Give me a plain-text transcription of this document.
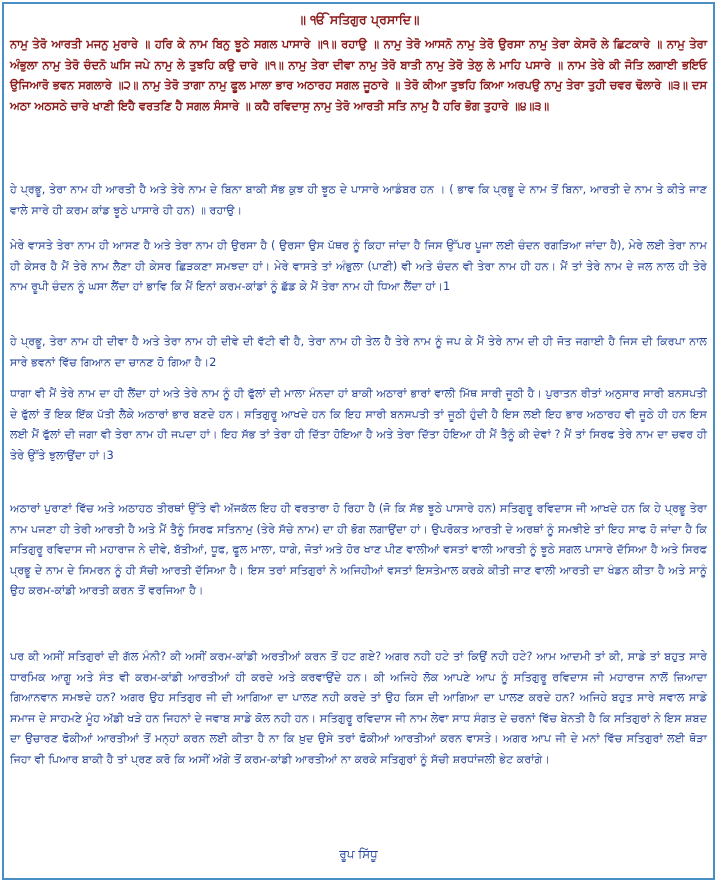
॥ ੴ ਸਤਿਗੁਰ ਪ੍ਰਸਾਦਿ॥

ਨਾਮੁ ਤੇਰੋ ਆਰਤੀ ਮਜਨੁ ਮੁਰਾਰੇ ॥ ਹਰਿ ਕੇ ਨਾਮ ਬਿਨੁ ਝੂਠੇ ਸਗਲ ਪਾਸਾਰੇ ॥੧॥ ਰਹਾਉ ॥ ਨਾਮੁ ਤੇਰੋ ਆਸਨੋ ਨਾਮੁ ਤੇਰੋ ਉਰਸਾ ਨਾਮੁ ਤੇਰਾ ਕੇਸਰੋ ਲੇ ਛਿਟਕਾਰੇ ॥ ਨਾਮੁ ਤੇਰਾ ਅੰਭੁਲਾ ਨਾਮੁ ਤੇਰੋ ਚੰਦਨੋ ਘਸਿ ਜਪੇ ਨਾਮੁ ਲੇ ਤੁਝਹਿ ਕਉ ਚਾਰੇ ॥੧॥ ਨਾਮੁ ਤੇਰਾ ਦੀਵਾ ਨਾਮੁ ਤੇਰੋ ਬਾਤੀ ਨਾਮੁ ਤੇਰੋ ਤੇਲੁ ਲੇ ਮਾਹਿ ਪਸਾਰੇ ॥ ਨਾਮ ਤੇਰੇ ਕੀ ਜੋਤਿ ਲਗਾਈ ਭਇਓ ਉਜਿਆਰੋ ਭਵਨ ਸਗਲਾਰੇ ॥੨॥ ਨਾਮੁ ਤੇਰੋ ਤਾਗਾ ਨਾਮੁ ਫੂਲ ਮਾਲਾ ਭਾਰ ਅਠਾਰਹ ਸਗਲ ਜੂਠਾਰੇ ॥ ਤੇਰੋ ਕੀਆ ਤੁਝਹਿ ਕਿਆ ਅਰਪਉ ਨਾਮੁ ਤੇਰਾ ਤੁਹੀ ਚਵਰ ਢੋਲਾਰੇ ॥੩॥ ਦਸ ਅਠਾ ਅਠਸਠੇ ਚਾਰੇ ਖਾਣੀ ਇਹੈ ਵਰਤਣਿ ਹੈ ਸਗਲ ਸੰਸਾਰੇ ॥ ਕਹੈ ਰਵਿਦਾਸੁ ਨਾਮੁ ਤੇਰੋ ਆਰਤੀ ਸਤਿ ਨਾਮੁ ਹੈ ਹਰਿ ਭੋਗ ਤੁਹਾਰੇ ॥੪॥੩॥

ਹੇ ਪ੍ਰਭੂ, ਤੇਰਾ ਨਾਮ ਹੀ ਆਰਤੀ ਹੈ ਅਤੇ ਤੇਰੇ ਨਾਮ ਦੇ ਬਿਨਾ ਬਾਕੀ ਸੱਭ ਕੁਝ ਹੀ ਝੂਠ ਦੇ ਪਾਸਾਰੇ ਆਡੰਬਰ ਹਨ । ( ਭਾਵ ਕਿ ਪ੍ਰਭੂ ਦੇ ਨਾਮ ਤੋਂ ਬਿਨਾ, ਆਰਤੀ ਦੇ ਨਾਮ ਤੇ ਕੀਤੇ ਜਾਣ ਵਾਲੇ ਸਾਰੇ ਹੀ ਕਰਮ ਕਾਂਡ ਝੂਠੇ ਪਾਸਾਰੇ ਹੀ ਹਨ) ॥ ਰਹਾਉ।

ਮੇਰੇ ਵਾਸਤੇ ਤੇਰਾ ਨਾਮ ਹੀ ਆਸਣ ਹੈ ਅਤੇ ਤੇਰਾ ਨਾਮ ਹੀ ਉਰਸਾ ਹੈ ( ਉਰਸਾ ਉਸ ਪੱਥਰ ਨੂੰ ਕਿਹਾ ਜਾਂਦਾ ਹੈ ਜਿਸ ਉੱਪਰ ਪੂਜਾ ਲਈ ਚੰਦਨ ਰਗੜਿਆ ਜਾਂਦਾ ਹੈ), ਮੇਰੇ ਲਈ ਤੇਰਾ ਨਾਮ ਹੀ ਕੇਸਰ ਹੈ ਮੈਂ ਤੇਰੇ ਨਾਮ ਲੈਣਾ ਹੀ ਕੇਸਰ ਛਿੜਕਣਾ ਸਮਝਦਾ ਹਾਂ। ਮੇਰੇ ਵਾਸਤੇ ਤਾਂ ਅੰਭੁਲਾ (ਪਾਣੀ) ਵੀ ਅਤੇ ਚੰਦਨ ਵੀ ਤੇਰਾ ਨਾਮ ਹੀ ਹਨ। ਮੈਂ ਤਾਂ ਤੇਰੇ ਨਾਮ ਦੇ ਜਲ ਨਾਲ ਹੀ ਤੇਰੇ ਨਾਮ ਰੂਪੀ ਚੰਦਨ ਨੂੰ ਘਸਾ ਲੈਂਦਾ ਹਾਂ ਭਾਵਿ ਕਿ ਮੈਂ ਇਨਾਂ ਕਰਮ-ਕਾਂਡਾਂ ਨੂੰ ਛੱਡ ਕੇ ਮੈਂ ਤੇਰਾ ਨਾਮ ਹੀ ਧਿਆ ਲੈਂਦਾ ਹਾਂ।1

ਹੇ ਪ੍ਰਭੂ, ਤੇਰਾ ਨਾਮ ਹੀ ਦੀਵਾ ਹੈ ਅਤੇ ਤੇਰਾ ਨਾਮ ਹੀ ਦੀਵੇ ਦੀ ਵੱਟੀ ਵੀ ਹੈ, ਤੇਰਾ ਨਾਮ ਹੀ ਤੇਲ ਹੈ ਤੇਰੇ ਨਾਮ ਨੂੰ ਜਪ ਕੇ ਮੈਂ ਤੇਰੇ ਨਾਮ ਦੀ ਹੀ ਜੋਤ ਜਗਾਈ ਹੈ ਜਿਸ ਦੀ ਕਿਰਪਾ ਨਾਲ ਸਾਰੇ ਭਵਨਾਂ ਵਿੱਚ ਗਿਆਨ ਦਾ ਚਾਨਣ ਹੋ ਗਿਆ ਹੈ।2

ਧਾਗਾ ਵੀ ਮੈਂ ਤੇਰੇ ਨਾਮ ਦਾ ਹੀ ਲੈਂਦਾ ਹਾਂ ਅਤੇ ਤੇਰੇ ਨਾਮ ਨੂੰ ਹੀ ਫੁੱਲਾਂ ਦੀ ਮਾਲਾ ਮੰਨਦਾ ਹਾਂ ਬਾਕੀ ਅਠਾਰਾਂ ਭਾਰਾਂ ਵਾਲੀ ਮਿੱਥ ਸਾਰੀ ਜੂਠੀ ਹੈ। ਪੁਰਾਤਨ ਰੀਤਾਂ ਅਨੁਸਾਰ ਸਾਰੀ ਬਨਸਪਤੀ ਦੇ ਫੁੱਲਾਂ ਤੋਂ ਇਕ ਇੱਕ ਪੱਤੀ ਲੈਕੇ ਅਠਾਰਾਂ ਭਾਰ ਬਣਦੇ ਹਨ। ਸਤਿਗੁਰੂ ਆਖਦੇ ਹਨ ਕਿ ਇਹ ਸਾਰੀ ਬਨਸਪਤੀ ਤਾਂ ਜੂਠੀ ਹੁੰਦੀ ਹੈ ਇਸ ਲਈ ਇਹ ਭਾਰ ਅਠਾਰਹ ਵੀ ਜੂਠੇ ਹੀ ਹਨ ਇਸ ਲਈ ਮੈਂ ਫੁੱਲਾਂ ਦੀ ਜਗਾ ਵੀ ਤੇਰਾ ਨਾਮ ਹੀ ਜਪਦਾ ਹਾਂ। ਇਹ ਸੱਭ ਤਾਂ ਤੇਰਾ ਹੀ ਦਿੱਤਾ ਹੋਇਆ ਹੈ ਅਤੇ ਤੇਰਾ ਦਿੱਤਾ ਹੋਇਆ ਹੀ ਮੈਂ ਤੈਨੂੰ ਕੀ ਦੇਵਾਂ ? ਮੈਂ ਤਾਂ ਸਿਰਫ ਤੇਰੇ ਨਾਮ ਦਾ ਚਵਰ ਹੀ ਤੇਰੇ ਉੱਤੇ ਝੁਲਾਉਂਦਾ ਹਾਂ।3

ਅਠਾਰਾਂ ਪੁਰਾਣਾਂ ਵਿੱਚ ਅਤੇ ਅਠਾਹਠ ਤੀਰਥਾਂ ਉੱਤੇ ਵੀ ਅੱਜਕੱਲ ਇਹ ਹੀ ਵਰਤਾਰਾ ਹੋ ਰਿਹਾ ਹੈ (ਜੋ ਕਿ ਸੱਭ ਝੂਠੇ ਪਾਸਾਰੇ ਹਨ) ਸਤਿਗੁਰੂ ਰਵਿਦਾਸ ਜੀ ਆਖਦੇ ਹਨ ਕਿ ਹੇ ਪ੍ਰਭੂ ਤੇਰਾ ਨਾਮ ਪਜਣਾ ਹੀ ਤੇਰੀ ਆਰਤੀ ਹੈ ਅਤੇ ਮੈਂ ਤੈਨੂੰ ਸਿਰਫ ਸਤਿਨਾਮੁ (ਤੇਰੇ ਸੱਚੇ ਨਾਮ) ਦਾ ਹੀ ਭੋਗ ਲਗਾਉਂਦਾ ਹਾਂ। ਉਪਰੋਕਤ ਆਰਤੀ ਦੇ ਅਰਥਾਂ ਨੂੰ ਸਮਝੀਏ ਤਾਂ ਇਹ ਸਾਫ ਹੋ ਜਾਂਦਾ ਹੈ ਕਿ ਸਤਿਗੁਰੂ ਰਵਿਦਾਸ ਜੀ ਮਹਾਰਾਜ ਨੇ ਦੀਵੇ, ਬੱਤੀਆਂ, ਧੂਫ, ਫੂਲ ਮਾਲਾ, ਧਾਗੇ, ਜੋਤਾਂ ਅਤੇ ਹੋਰ ਖਾਣ ਪੀਣ ਵਾਲੀਆਂ ਵਸਤਾਂ ਵਾਲੀ ਆਰਤੀ ਨੂੰ ਝੂਠੇ ਸਗਲ ਪਾਸਾਰੇ ਦੱਸਿਆ ਹੈ ਅਤੇ ਸਿਰਫ ਪ੍ਰਭੂ ਦੇ ਨਾਮ ਦੇ ਸਿਮਰਨ ਨੂੰ ਹੀ ਸੱਚੀ ਆਰਤੀ ਦੱਸਿਆ ਹੈ। ਇਸ ਤਰਾਂ ਸਤਿਗੁਰਾਂ ਨੇ ਅਜਿਹੀਆਂ ਵਸਤਾਂ ਇਸਤੇਮਾਲ ਕਰਕੇ ਕੀਤੀ ਜਾਣ ਵਾਲੀ ਆਰਤੀ ਦਾ ਖੰਡਨ ਕੀਤਾ ਹੈ ਅਤੇ ਸਾਨੂੰ ਉਹ ਕਰਮ-ਕਾਂਡੀ ਆਰਤੀ ਕਰਨ ਤੋਂ ਵਰਜਿਆ ਹੈ।

ਪਰ ਕੀ ਅਸੀਂ ਸਤਿਗੁਰਾਂ ਦੀ ਗੱਲ ਮੰਨੀ? ਕੀ ਅਸੀਂ ਕਰਮ-ਕਾਂਡੀ ਅਰਤੀਆਂ ਕਰਨ ਤੋਂ ਹਟ ਗਏ? ਅਗਰ ਨਹੀ ਹਟੇ ਤਾਂ ਕਿਉਂ ਨਹੀ ਹਟੇ? ਆਮ ਆਦਮੀ ਤਾਂ ਕੀ, ਸਾਡੇ ਤਾਂ ਬਹੁਤ ਸਾਰੇ ਧਾਰਮਿਕ ਆਗੂ ਅਤੇ ਸੰਤ ਵੀ ਕਰਮ-ਕਾਂਡੀ ਆਰਤੀਆਂ ਹੀ ਕਰਦੇ ਅਤੇ ਕਰਵਾਉਂਦੇ ਹਨ। ਕੀ ਅਜਿਹੇ ਲੋਕ ਆਪਣੇ ਆਪ ਨੂੰ ਸਤਿਗੁਰੂ ਰਵਿਦਾਸ ਜੀ ਮਹਾਰਾਜ ਨਾਲੋਂ ਜ਼ਿਆਦਾ ਗਿਆਨਵਾਨ ਸਮਝਦੇ ਹਨ? ਅਗਰ ਉਹ ਸਤਿਗੁਰ ਜੀ ਦੀ ਆਗਿਆ ਦਾ ਪਾਲਣ ਨਹੀ ਕਰਦੇ ਤਾਂ ਉਹ ਕਿਸ ਦੀ ਆਗਿਆ ਦਾ ਪਾਲਣ ਕਰਦੇ ਹਨ? ਅਜਿਹੇ ਬਹੁਤ ਸਾਰੇ ਸਵਾਲ ਸਾਡੇ ਸਮਾਜ ਦੇ ਸਾਹਮਣੇ ਮੂੰਹ ਅੱਡੀ ਖੜੇ ਹਨ ਜਿਹਨਾਂ ਦੇ ਜਵਾਬ ਸਾਡੇ ਕੋਲ ਨਹੀ ਹਨ। ਸਤਿਗੁਰੂ ਰਵਿਦਾਸ ਜੀ ਨਾਮ ਲੇਵਾ ਸਾਧ ਸੰਗਤ ਦੇ ਚਰਨਾਂ ਵਿੱਚ ਬੇਨਤੀ ਹੈ ਕਿ ਸਤਿਗੁਰਾਂ ਨੇ ਇਸ ਸ਼ਬਦ ਦਾ ਉਚਾਰਣ ਫੋਕੀਆਂ ਆਰਤੀਆਂ ਤੋਂ ਮਨ੍ਹਾਂ ਕਰਨ ਲਈ ਕੀਤਾ ਹੈ ਨਾ ਕਿ ਖ਼ੁਦ ਉਸੇ ਤਰਾਂ ਫੋਕੀਆਂ ਆਰਤੀਆਂ ਕਰਨ ਵਾਸਤੇ। ਅਗਰ ਆਪ ਜੀ ਦੇ ਮਨਾਂ ਵਿੱਚ ਸਤਿਗੁਰਾਂ ਲਈ ਥੋੜਾ ਜਿਹਾ ਵੀ ਪਿਆਰ ਬਾਕੀ ਹੈ ਤਾਂ ਪ੍ਰਣ ਕਰੋ ਕਿ ਅਸੀਂ ਅੱਗੇ ਤੋਂ ਕਰਮ-ਕਾਂਡੀ ਆਰਤੀਆਂ ਨਾ ਕਰਕੇ ਸਤਿਗੁਰਾਂ ਨੂੰ ਸੱਚੀ ਸ਼ਰਧਾਂਜਲੀ ਭੇਟ ਕਰਾਂਗੇ।

ਰੂਪ ਸਿੱਧੂ
